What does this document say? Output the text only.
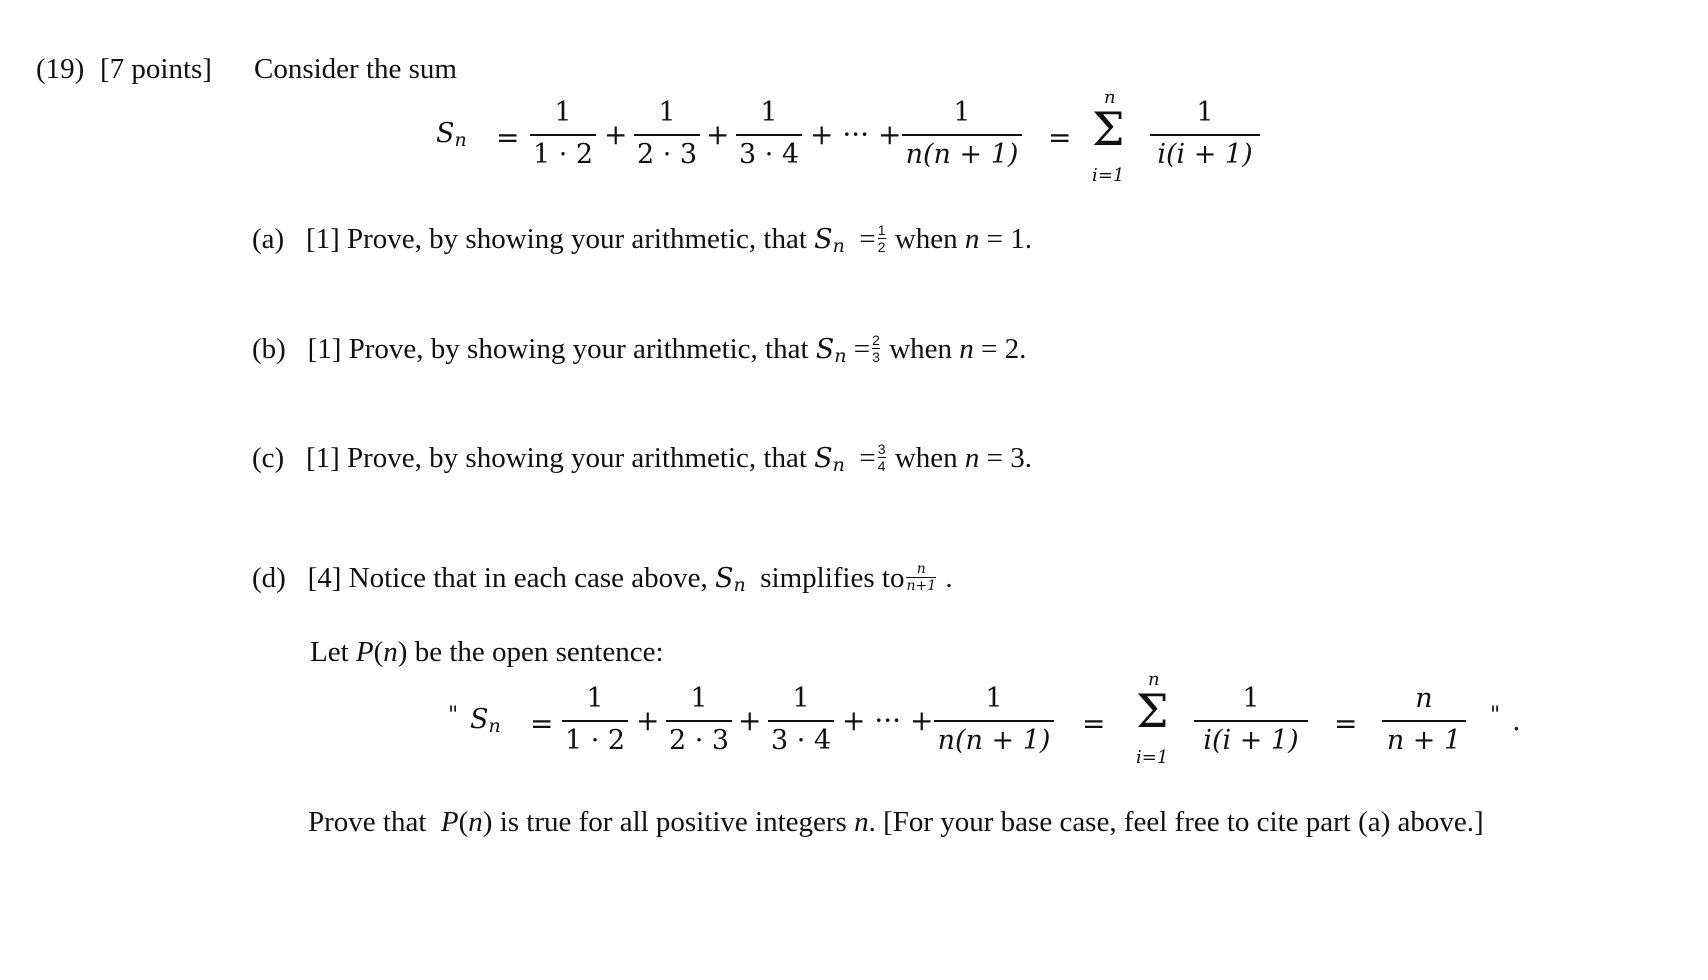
(19) [7 points] Consider the sum
$S_n$ =
1
1 · 2
+
1
2 · 3
+
1
3 · 4
+ ··· +
1
n(n + 1)
=
n
Σ
i=1
1
i(i + 1)
(a) [1] Prove, by showing your arithmetic, that $S_n = \frac{1}{2}$ when n = 1.
(b) [1] Prove, by showing your arithmetic, that $S_n = \frac{2}{3}$ when n = 2.
(c) [1] Prove, by showing your arithmetic, that $S_n = \frac{3}{4}$ when n = 3.
(d) [4] Notice that in each case above, $S_n$ simplifies to $\frac{n}{n+1}$ .
Let P(n) be the open sentence:
" $S_n$ =
1
1 · 2
+
1
2 · 3
+
1
3 · 4
+ ··· +
1
n(n + 1)
=
n
Σ
i=1
1
i(i + 1)
=
n
n + 1
" .
Prove that P(n) is true for all positive integers n. [For your base case, feel free to cite part (a) above.]
